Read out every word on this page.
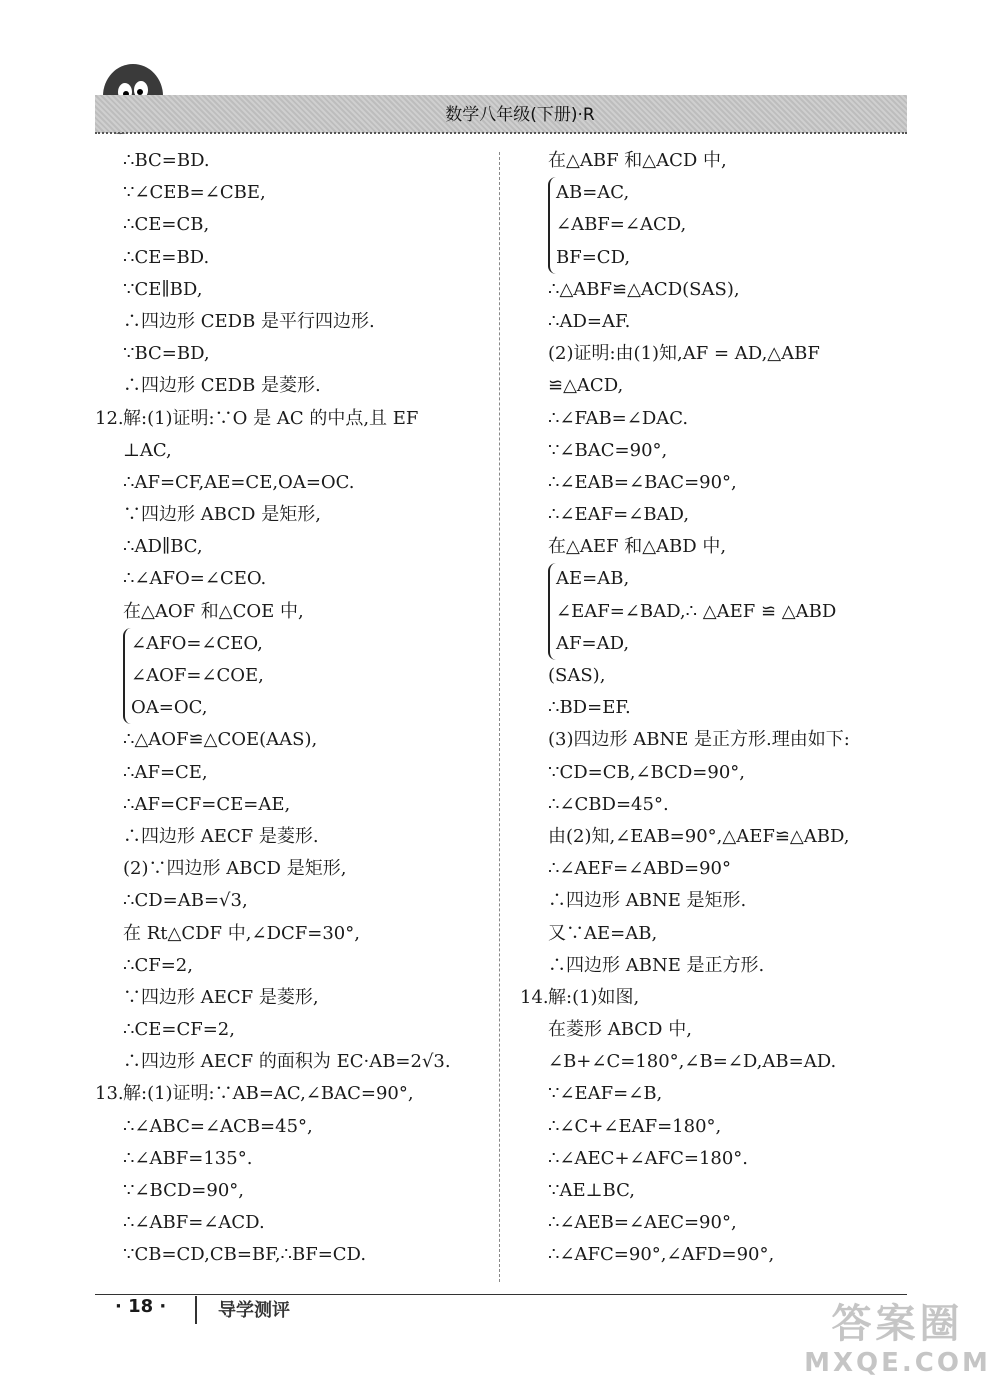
数学八年级(下册)·R
∴BC=BD.
∵∠CEB=∠CBE,
∴CE=CB,
∴CE=BD.
∵CE∥BD,
∴四边形 CEDB 是平行四边形.
∵BC=BD,
∴四边形 CEDB 是菱形.
12.解:(1)证明:∵O 是 AC 的中点,且 EF
⊥AC,
∴AF=CF,AE=CE,OA=OC.
∵四边形 ABCD 是矩形,
∴AD∥BC,
∴∠AFO=∠CEO.
在△AOF 和△COE 中,
∠AFO=∠CEO,
∠AOF=∠COE,
OA=OC,
∴△AOF≌△COE(AAS),
∴AF=CE,
∴AF=CF=CE=AE,
∴四边形 AECF 是菱形.
(2)∵四边形 ABCD 是矩形,
∴CD=AB=√3,
在 Rt△CDF 中,∠DCF=30°,
∴CF=2,
∵四边形 AECF 是菱形,
∴CE=CF=2,
∴四边形 AECF 的面积为 EC·AB=2√3.
13.解:(1)证明:∵AB=AC,∠BAC=90°,
∴∠ABC=∠ACB=45°,
∴∠ABF=135°.
∵∠BCD=90°,
∴∠ABF=∠ACD.
∵CB=CD,CB=BF,∴BF=CD.
在△ABF 和△ACD 中,
AB=AC,
∠ABF=∠ACD,
BF=CD,
∴△ABF≌△ACD(SAS),
∴AD=AF.
(2)证明:由(1)知,AF = AD,△ABF
≌△ACD,
∴∠FAB=∠DAC.
∵∠BAC=90°,
∴∠EAB=∠BAC=90°,
∴∠EAF=∠BAD,
在△AEF 和△ABD 中,
AE=AB,
∠EAF=∠BAD,∴ △AEF ≌ △ABD
AF=AD,
(SAS),
∴BD=EF.
(3)四边形 ABNE 是正方形.理由如下:
∵CD=CB,∠BCD=90°,
∴∠CBD=45°.
由(2)知,∠EAB=90°,△AEF≌△ABD,
∴∠AEF=∠ABD=90°
∴四边形 ABNE 是矩形.
又∵AE=AB,
∴四边形 ABNE 是正方形.
14.解:(1)如图,
在菱形 ABCD 中,
∠B+∠C=180°,∠B=∠D,AB=AD.
∵∠EAF=∠B,
∴∠C+∠EAF=180°,
∴∠AEC+∠AFC=180°.
∵AE⊥BC,
∴∠AEB=∠AEC=90°,
∴∠AFC=90°,∠AFD=90°,
· 18 ·	导学测评	答案圈
MXQE.COM
